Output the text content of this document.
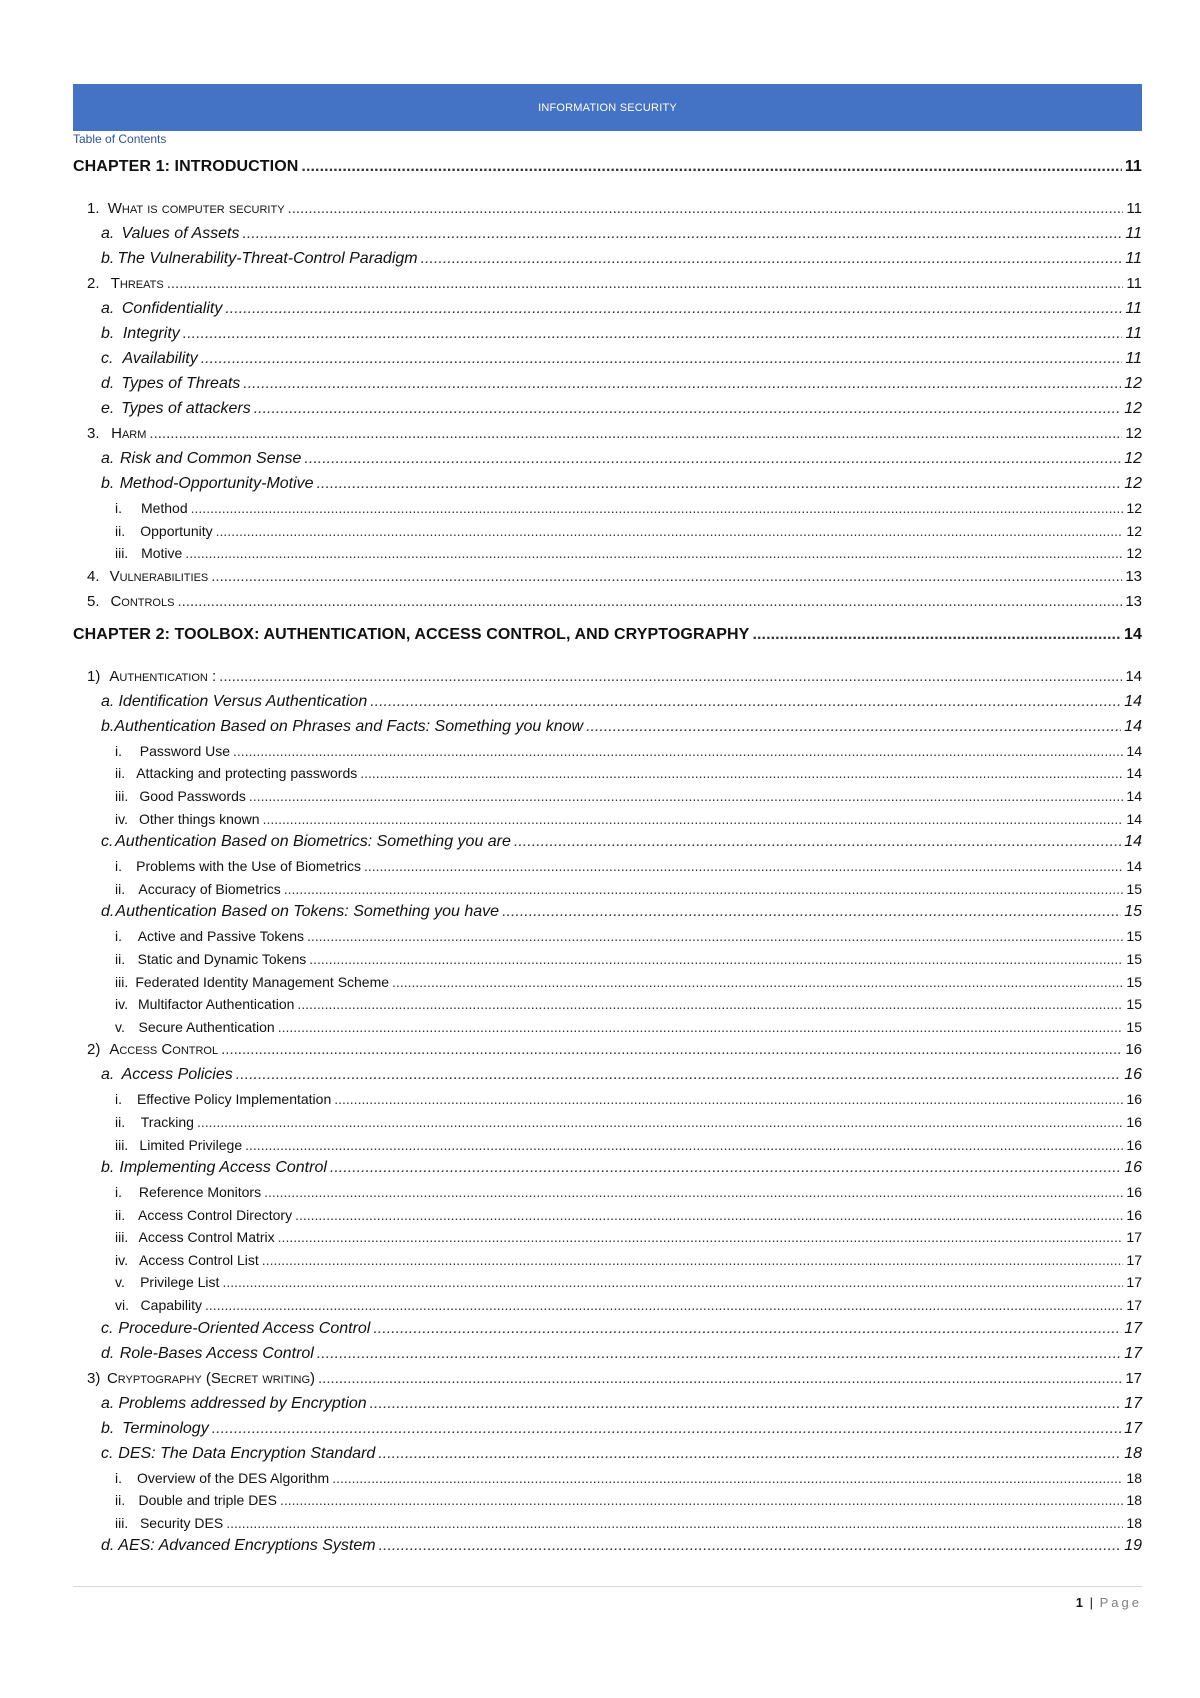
INFORMATION SECURITY
Table of Contents
CHAPTER 1: INTRODUCTION .....	11
1. What is computer security .....	11
a. Values of Assets .....	11
b. The Vulnerability-Threat-Control Paradigm .....	11
2. Threats .....	11
a. Confidentiality .....	11
b. Integrity .....	11
c. Availability .....	11
d. Types of Threats .....	12
e. Types of attackers .....	12
3. Harm .....	12
a. Risk and Common Sense .....	12
b. Method-Opportunity-Motive .....	12
i.	Method .....	12
ii.	Opportunity .....	12
iii. Motive .....	12
4. Vulnerabilities .....	13
5. Controls .....	13
CHAPTER 2: TOOLBOX: AUTHENTICATION, ACCESS CONTROL, AND CRYPTOGRAPHY .....	14
1) Authentication : .....	14
a. Identification Versus Authentication .....	14
b. Authentication Based on Phrases and Facts: Something you know .....	14
i.	Password Use .....	14
ii. Attacking and protecting passwords .....	14
iii. Good Passwords .....	14
iv. Other things known .....	14
c. Authentication Based on Biometrics: Something you are .....	14
i.	Problems with the Use of Biometrics .....	14
ii. Accuracy of Biometrics .....	15
d. Authentication Based on Tokens: Something you have .....	15
i.	Active and Passive Tokens .....	15
ii. Static and Dynamic Tokens .....	15
iii. Federated Identity Management Scheme .....	15
iv. Multifactor Authentication .....	15
v. Secure Authentication .....	15
2) Access Control .....	16
a. Access Policies .....	16
i.	Effective Policy Implementation .....	16
ii.	Tracking .....	16
iii. Limited Privilege .....	16
b. Implementing Access Control .....	16
i.	Reference Monitors .....	16
ii. Access Control Directory .....	16
iii. Access Control Matrix .....	17
iv. Access Control List .....	17
v.	Privilege List .....	17
vi. Capability .....	17
c. Procedure-Oriented Access Control .....	17
d. Role-Bases Access Control .....	17
3) Cryptography (Secret writing) .....	17
a. Problems addressed by Encryption .....	17
b. Terminology .....	17
c. DES: The Data Encryption Standard .....	18
i.	Overview of the DES Algorithm .....	18
ii. Double and triple DES .....	18
iii. Security DES .....	18
d. AES: Advanced Encryptions System .....	19
1 | Page
